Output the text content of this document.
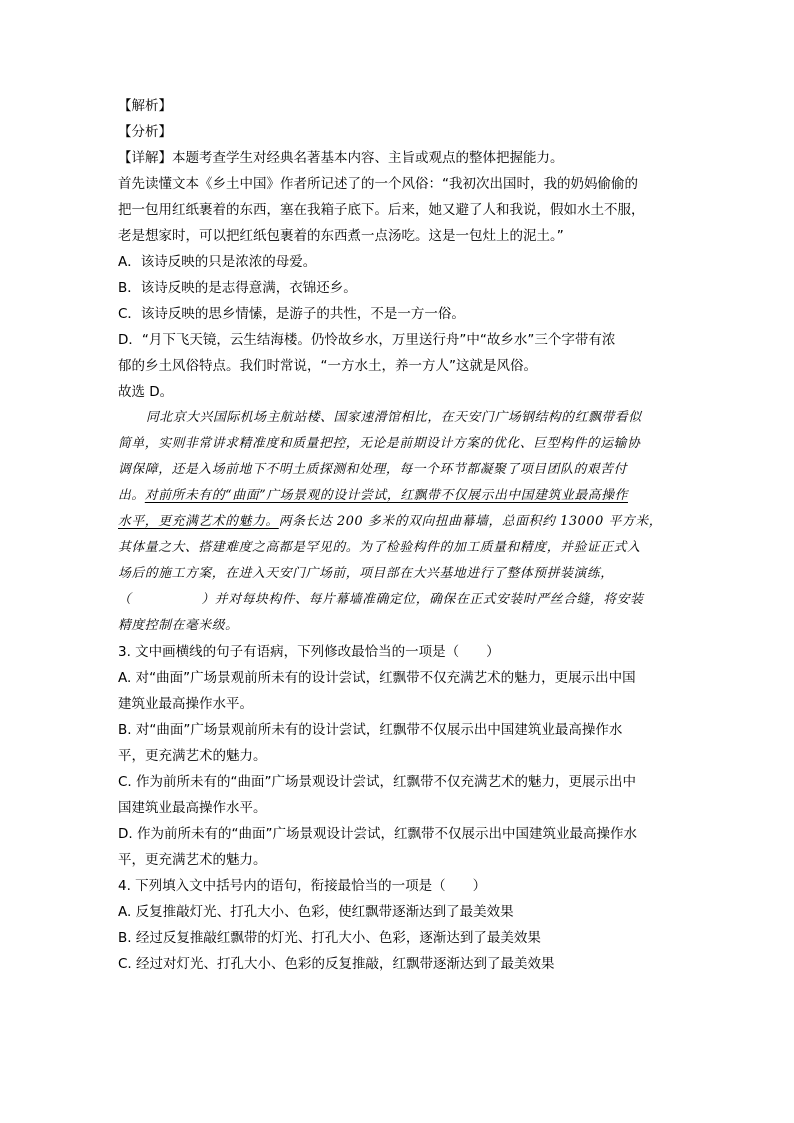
【解析】
【分析】
【详解】本题考查学生对经典名著基本内容、主旨或观点的整体把握能力。
首先读懂文本《乡土中国》作者所记述了的一个风俗：“我初次出国时，我的奶妈偷偷的
把一包用红纸裹着的东西，塞在我箱子底下。后来，她又避了人和我说，假如水土不服，
老是想家时，可以把红纸包裹着的东西煮一点汤吃。这是一包灶上的泥土。”
A．该诗反映的只是浓浓的母爱。
B．该诗反映的是志得意满，衣锦还乡。
C．该诗反映的思乡情愫，是游子的共性，不是一方一俗。
D．“月下飞天镜，云生结海楼。仍怜故乡水，万里送行舟”中“故乡水”三个字带有浓
郁的乡土风俗特点。我们时常说，“一方水土，养一方人”这就是风俗。
故选 D。
同北京大兴国际机场主航站楼、国家速滑馆相比，在天安门广场钢结构的红飘带看似
简单，实则非常讲求精准度和质量把控，无论是前期设计方案的优化、巨型构件的运输协
调保障，还是入场前地下不明土质探测和处理，每一个环节都凝聚了项目团队的艰苦付
出。对前所未有的“曲面”广场景观的设计尝试，红飘带不仅展示出中国建筑业最高操作
水平，更充满艺术的魅力。两条长达 200 多米的双向扭曲幕墙，总面积约 13000 平方米，
其体量之大、搭建难度之高都是罕见的。为了检验构件的加工质量和精度，并验证正式入
场后的施工方案，在进入天安门广场前，项目部在大兴基地进行了整体预拼装演练，
（	）并对每块构件、每片幕墙准确定位，确保在正式安装时严丝合缝，将安装
精度控制在毫米级。
3. 文中画横线的句子有语病，下列修改最恰当的一项是（　　）
A. 对“曲面”广场景观前所未有的设计尝试，红飘带不仅充满艺术的魅力，更展示出中国
建筑业最高操作水平。
B. 对“曲面”广场景观前所未有的设计尝试，红飘带不仅展示出中国建筑业最高操作水
平，更充满艺术的魅力。
C. 作为前所未有的“曲面”广场景观设计尝试，红飘带不仅充满艺术的魅力，更展示出中
国建筑业最高操作水平。
D. 作为前所未有的“曲面”广场景观设计尝试，红飘带不仅展示出中国建筑业最高操作水
平，更充满艺术的魅力。
4. 下列填入文中括号内的语句，衔接最恰当的一项是（　　）
A. 反复推敲灯光、打孔大小、色彩，使红飘带逐渐达到了最美效果
B. 经过反复推敲红飘带的灯光、打孔大小、色彩，逐渐达到了最美效果
C. 经过对灯光、打孔大小、色彩的反复推敲，红飘带逐渐达到了最美效果
